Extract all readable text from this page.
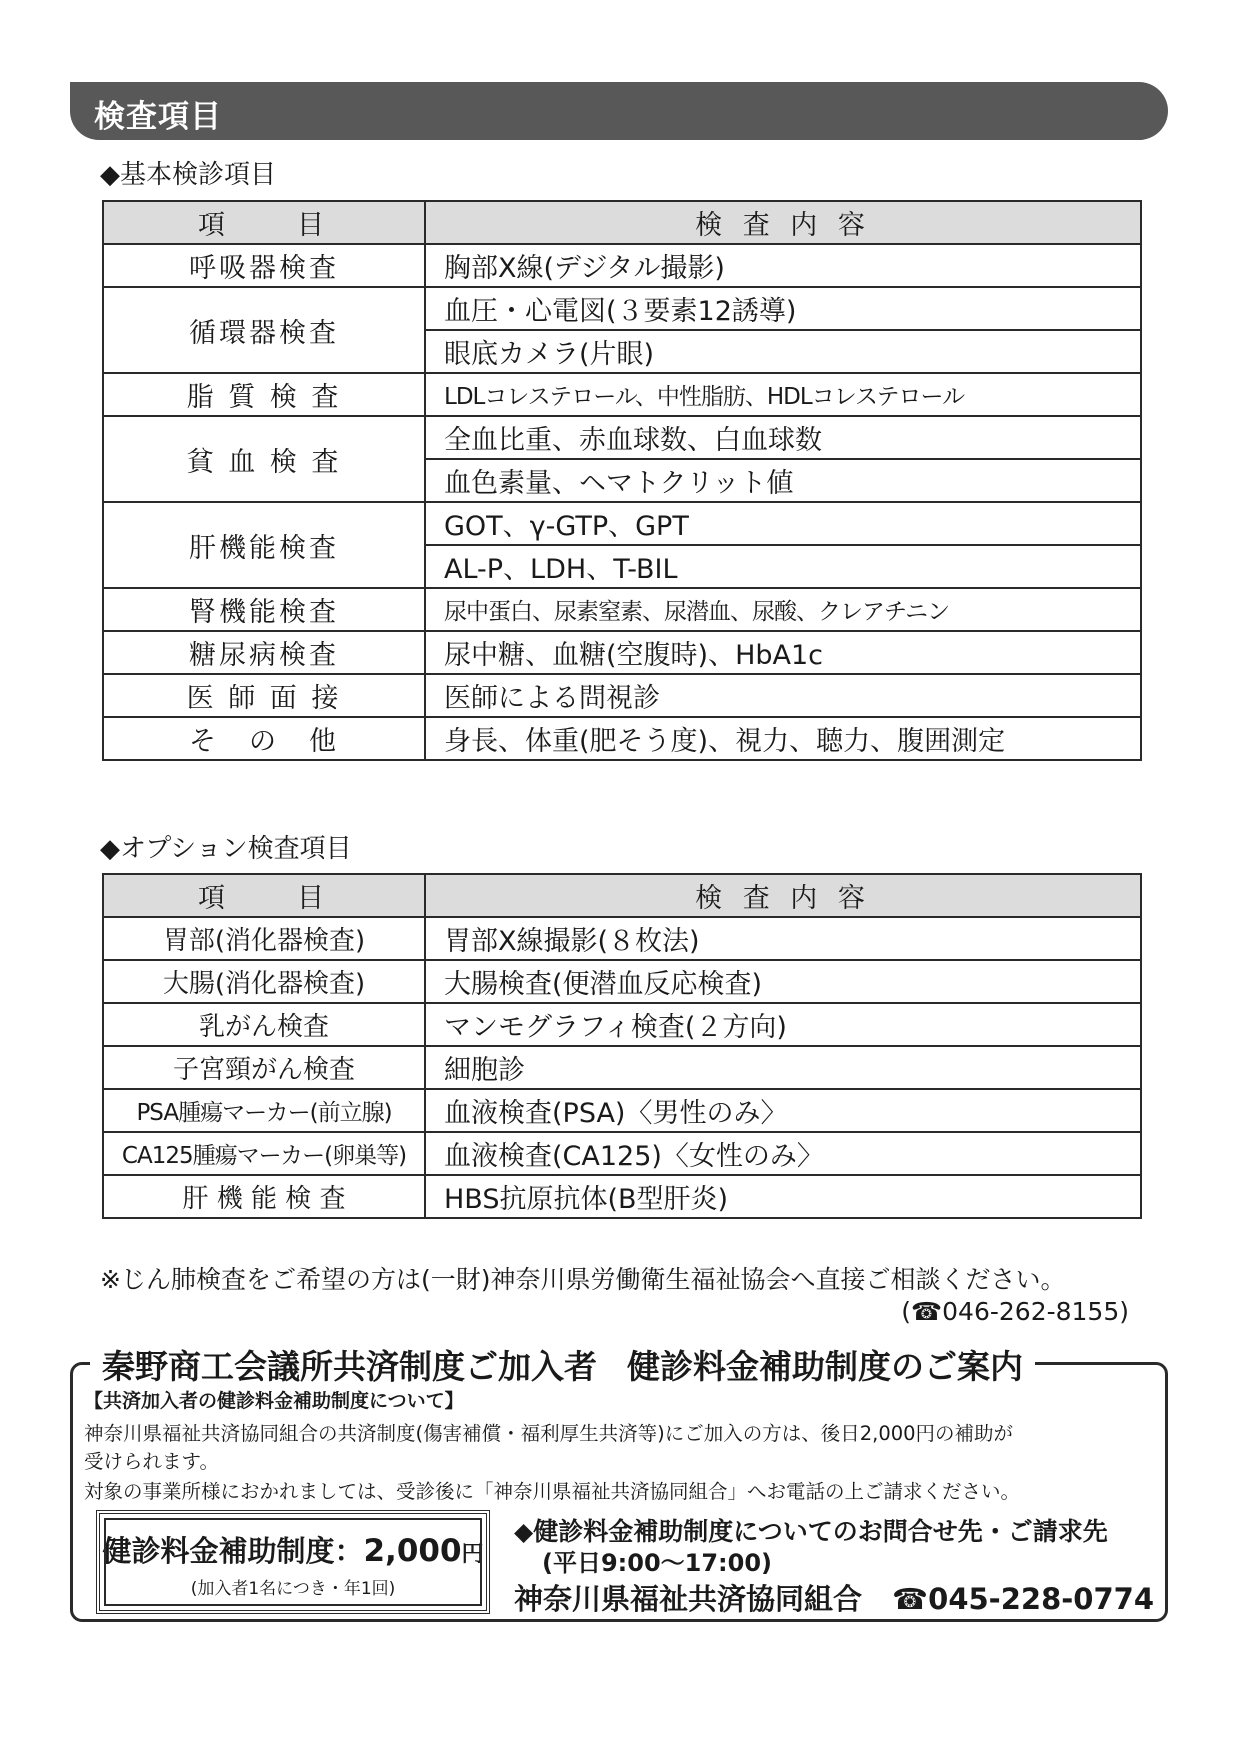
検査項目
◆基本検診項目
項　　目	検 査 内 容
呼吸器検査	胸部X線(デジタル撮影)
循環器検査	血圧・心電図(３要素12誘導)
	眼底カメラ(片眼)
脂 質 検 査	LDLコレステロール、中性脂肪、HDLコレステロール
貧 血 検 査	全血比重、赤血球数、白血球数
	血色素量、ヘマトクリット値
肝機能検査	GOT、γ-GTP、GPT
	AL-P、LDH、T-BIL
腎機能検査	尿中蛋白、尿素窒素、尿潜血、尿酸、クレアチニン
糖尿病検査	尿中糖、血糖(空腹時)、HbA1c
医 師 面 接	医師による問視診
そ　の　他	身長、体重(肥そう度)、視力、聴力、腹囲測定
◆オプション検査項目
項　　目	検 査 内 容
胃部(消化器検査)	胃部X線撮影(８枚法)
大腸(消化器検査)	大腸検査(便潜血反応検査)
乳がん検査	マンモグラフィ検査(２方向)
子宮頸がん検査	細胞診
PSA腫瘍マーカー(前立腺)	血液検査(PSA)〈男性のみ〉
CA125腫瘍マーカー(卵巣等)	血液検査(CA125)〈女性のみ〉
肝 機 能 検 査	HBS抗原抗体(B型肝炎)
※じん肺検査をご希望の方は(一財)神奈川県労働衛生福祉協会へ直接ご相談ください。
(☎046-262-8155)
秦野商工会議所共済制度ご加入者 健診料金補助制度のご案内
【共済加入者の健診料金補助制度について】
神奈川県福祉共済協同組合の共済制度(傷害補償・福利厚生共済等)にご加入の方は、後日2,000円の補助が
受けられます。
対象の事業所様におかれましては、受診後に「神奈川県福祉共済協同組合」へお電話の上ご請求ください。
健診料金補助制度：2,000円
(加入者1名につき・年1回)
◆健診料金補助制度についてのお問合せ先・ご請求先
(平日9:00～17:00)
神奈川県福祉共済協同組合 ☎045-228-0774
